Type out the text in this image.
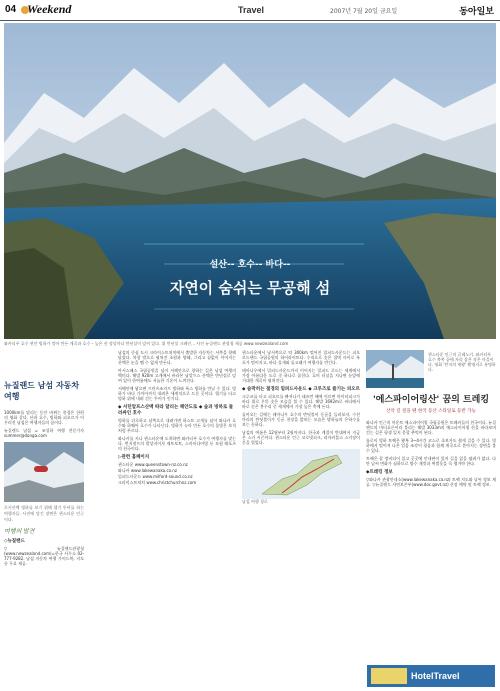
04 Weekend	Travel	2007년 7월 20일 금요일	동아일보
설산-- 호수-- 바다--
자연이 숨쉬는 무공해 섬
와카티푸 호수 연안 빙하가 깎아 만든 계곡과 호수 – 높은 산 정상마다 만년설이 덮여 있다. 위 만년설 크레인... 사진 뉴질랜드 관광청 제공 www.newzealand.com
뉴질랜드 남섬 자동차여행

1000km를 달리는 동안 바뀌는 풍경은 한편의 영화 같다. 산과 호수, 빙하와 피오르가 어우러진 남섬은 여행자들의 꿈이다.

뉴질랜드 남섬 = 조성하 여행 전문기자 summer@donga.com

로키산맥 빙하를 보기 위해 헬기 투어를 하는 여행자들. 사진에 담긴 장면은 퀸스타운 인근이다.

여행의 발견
◇뉴질랜드

▽뉴질랜드관광청(www.newzealand.com)=한국 사무소 02-777-9282. 남섬 자동차 여행 가이드북, 지도 등 무료 제공.

남섬의 중심 도시 크라이스트처치에서 출발한 자동차는 서쪽을 향해 달렸다. 차창 밖으로 펼쳐진 초원과 양떼, 그리고 끝없이 이어지는 산맥은 눈을 뗄 수 없게 만든다.

아서스패스 국립공원을 넘어 서해안으로 향하는 길은 남섬 여행의 백미다. 해발 920m 고개에서 바라본 남알프스 산맥은 만년설로 덮여 있어 한여름에도 서늘한 기운이 느껴진다.

서해안에 닿으면 프란츠조지프 빙하와 폭스 빙하를 만날 수 있다. 빙하가 바다 가까이까지 내려온 세계적으로 드문 곳이다. 헬기를 타고 빙하 위에 내려 걷는 투어가 인기다.

◆ 서던알프스산맥 따라 달리는 해안도로 ◆ 숲과 빙하로 둘러싸인 호수

빙하를 뒤로하고 남쪽으로 내려가면 하스트 고개를 넘어 와나카 호수와 하웨아 호수가 나타난다. 빙하가 녹아 만든 호수의 물빛은 보석처럼 푸르다.

와나카를 지나 퀸스타운에 도착하면 와카티푸 호수가 여행자를 맞는다. 번지점프의 발상지이자 제트보트, 스카이다이빙 등 모험 레포츠의 천국이다.

▷관련 홈페이지
퀸스타운 www.queenstown-nz.co.nz
와나카 www.lakewanaka.co.nz
밀퍼드사운드 www.milford-sound.co.nz
크라이스트처치 www.christchurchnz.com

퀸스타운에서 남서쪽으로 약 300km 떨어진 밀퍼드사운드는 피오르드랜드 국립공원의 하이라이트다. 수직으로 솟은 절벽 사이로 폭포가 떨어지고, 바다 물개와 돌고래가 여행자를 반긴다.

테아나우에서 밀퍼드사운드까지 이어지는 밀퍼드 로드는 세계에서 가장 아름다운 도로 중 하나로 꼽힌다. 호머 터널을 지나면 눈앞에 거대한 계곡이 펼쳐진다.

◆ 숨막히는 절경의 밀퍼드사운드 ◆ 크루즈로 즐기는 피오르

크루즈를 타고 피오르를 빠져나가 태즈먼 해에 이르면 마이터피크가 바다 위로 우뚝 솟은 모습을 볼 수 있다. 해발 1692m로 바다에서 바로 솟은 봉우리 중 세계에서 가장 높은 축에 든다.

돌아오는 길에는 테아나우 호수의 반딧불이 동굴을 들러보자. 수천 마리의 반딧불이가 동굴 천장을 밝히는 모습은 밤하늘의 은하수를 보는 듯하다.

남섬의 여름은 12월부터 2월까지다. 한국과 계절이 반대여서 지금은 스키 시즌이다. 퀸스타운 인근 코로넷피크, 리마커블스 스키장이 문을 열었다.

남섬 여행 경로
퀸스타운 인근의 글레노키. 와카티푸 호수 북쪽 끝에 자리 잡은 작은 마을이다. 영화 '반지의 제왕' 촬영지로 유명하다.
'에스파이어링산' 꿈의 트레킹
산악 길 걸을 땐 한국 등산 스타일로 등반 가능

와나카 인근의 마운트 에스파이어링 국립공원은 트레커들의 천국이다. 뉴질랜드의 마터호른이라 불리는 해발 3033m의 에스파이어링 산을 바라보며 걷는 길은 평생 잊지 못할 추억이 된다.

롭로이 빙하 트랙은 왕복 3~4시간 코스로 초보자도 쉽게 걸을 수 있다. 빙하에서 떨어져 나온 얼음 조각이 굉음과 함께 계곡으로 쏟아지는 장면을 볼 수 있다.

트랙은 잘 정비되어 있고 곳곳에 안내판이 있어 길을 잃을 염려가 없다. 다만 날씨 변화가 심하므로 방수 재킷과 여벌옷을 꼭 챙겨야 한다.

◆트레킹 정보

▽와나카 관광안내소(www.lakewanaka.co.nz) 트랙 지도와 날씨 정보 제공. ▽뉴질랜드 자연보존부(www.doc.govt.nz) 산장 예약 및 트랙 정보.

HotelTravel
